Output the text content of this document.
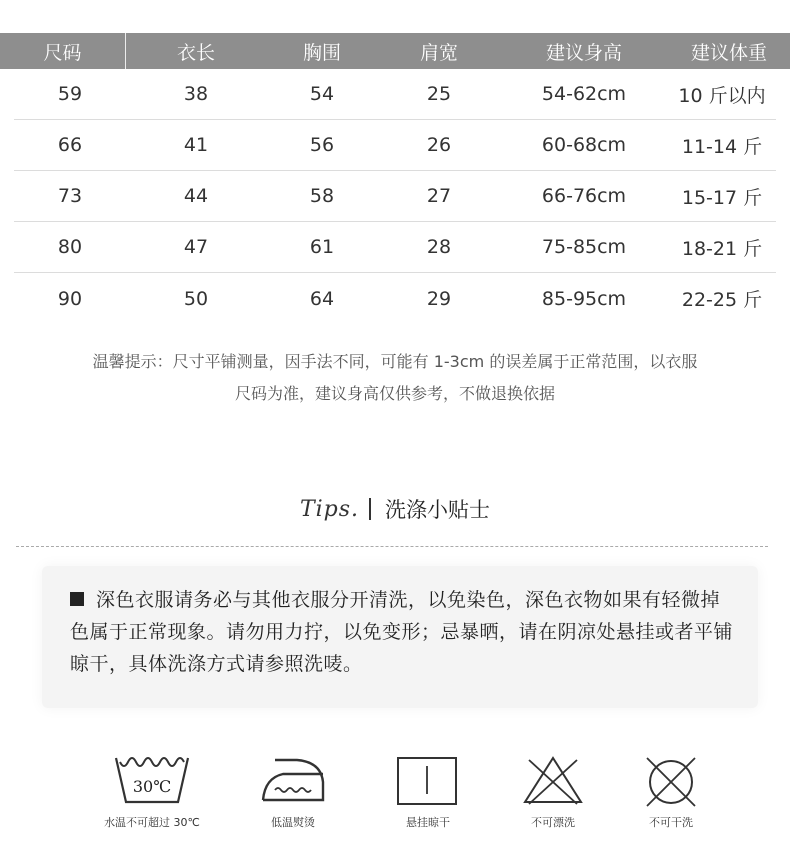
尺码	衣长	胸围	肩宽	建议身高	建议体重
59	38	54	25	54-62cm	10 斤以内
66	41	56	26	60-68cm	11-14 斤
73	44	58	27	66-76cm	15-17 斤
80	47	61	28	75-85cm	18-21 斤
90	50	64	29	85-95cm	22-25 斤
温馨提示：尺寸平铺测量，因手法不同，可能有 1-3cm 的误差属于正常范围，以衣服
尺码为准，建议身高仅供参考，不做退换依据
Tips. 洗涤小贴士
深色衣服请务必与其他衣服分开清洗，以免染色，深色衣物如果有轻微掉色属于正常现象。请勿用力拧，以免变形；忌暴晒，请在阴凉处悬挂或者平铺晾干，具体洗涤方式请参照洗唛。
30℃
水温不可超过 30℃	低温熨烫	悬挂晾干	不可漂洗	不可干洗
